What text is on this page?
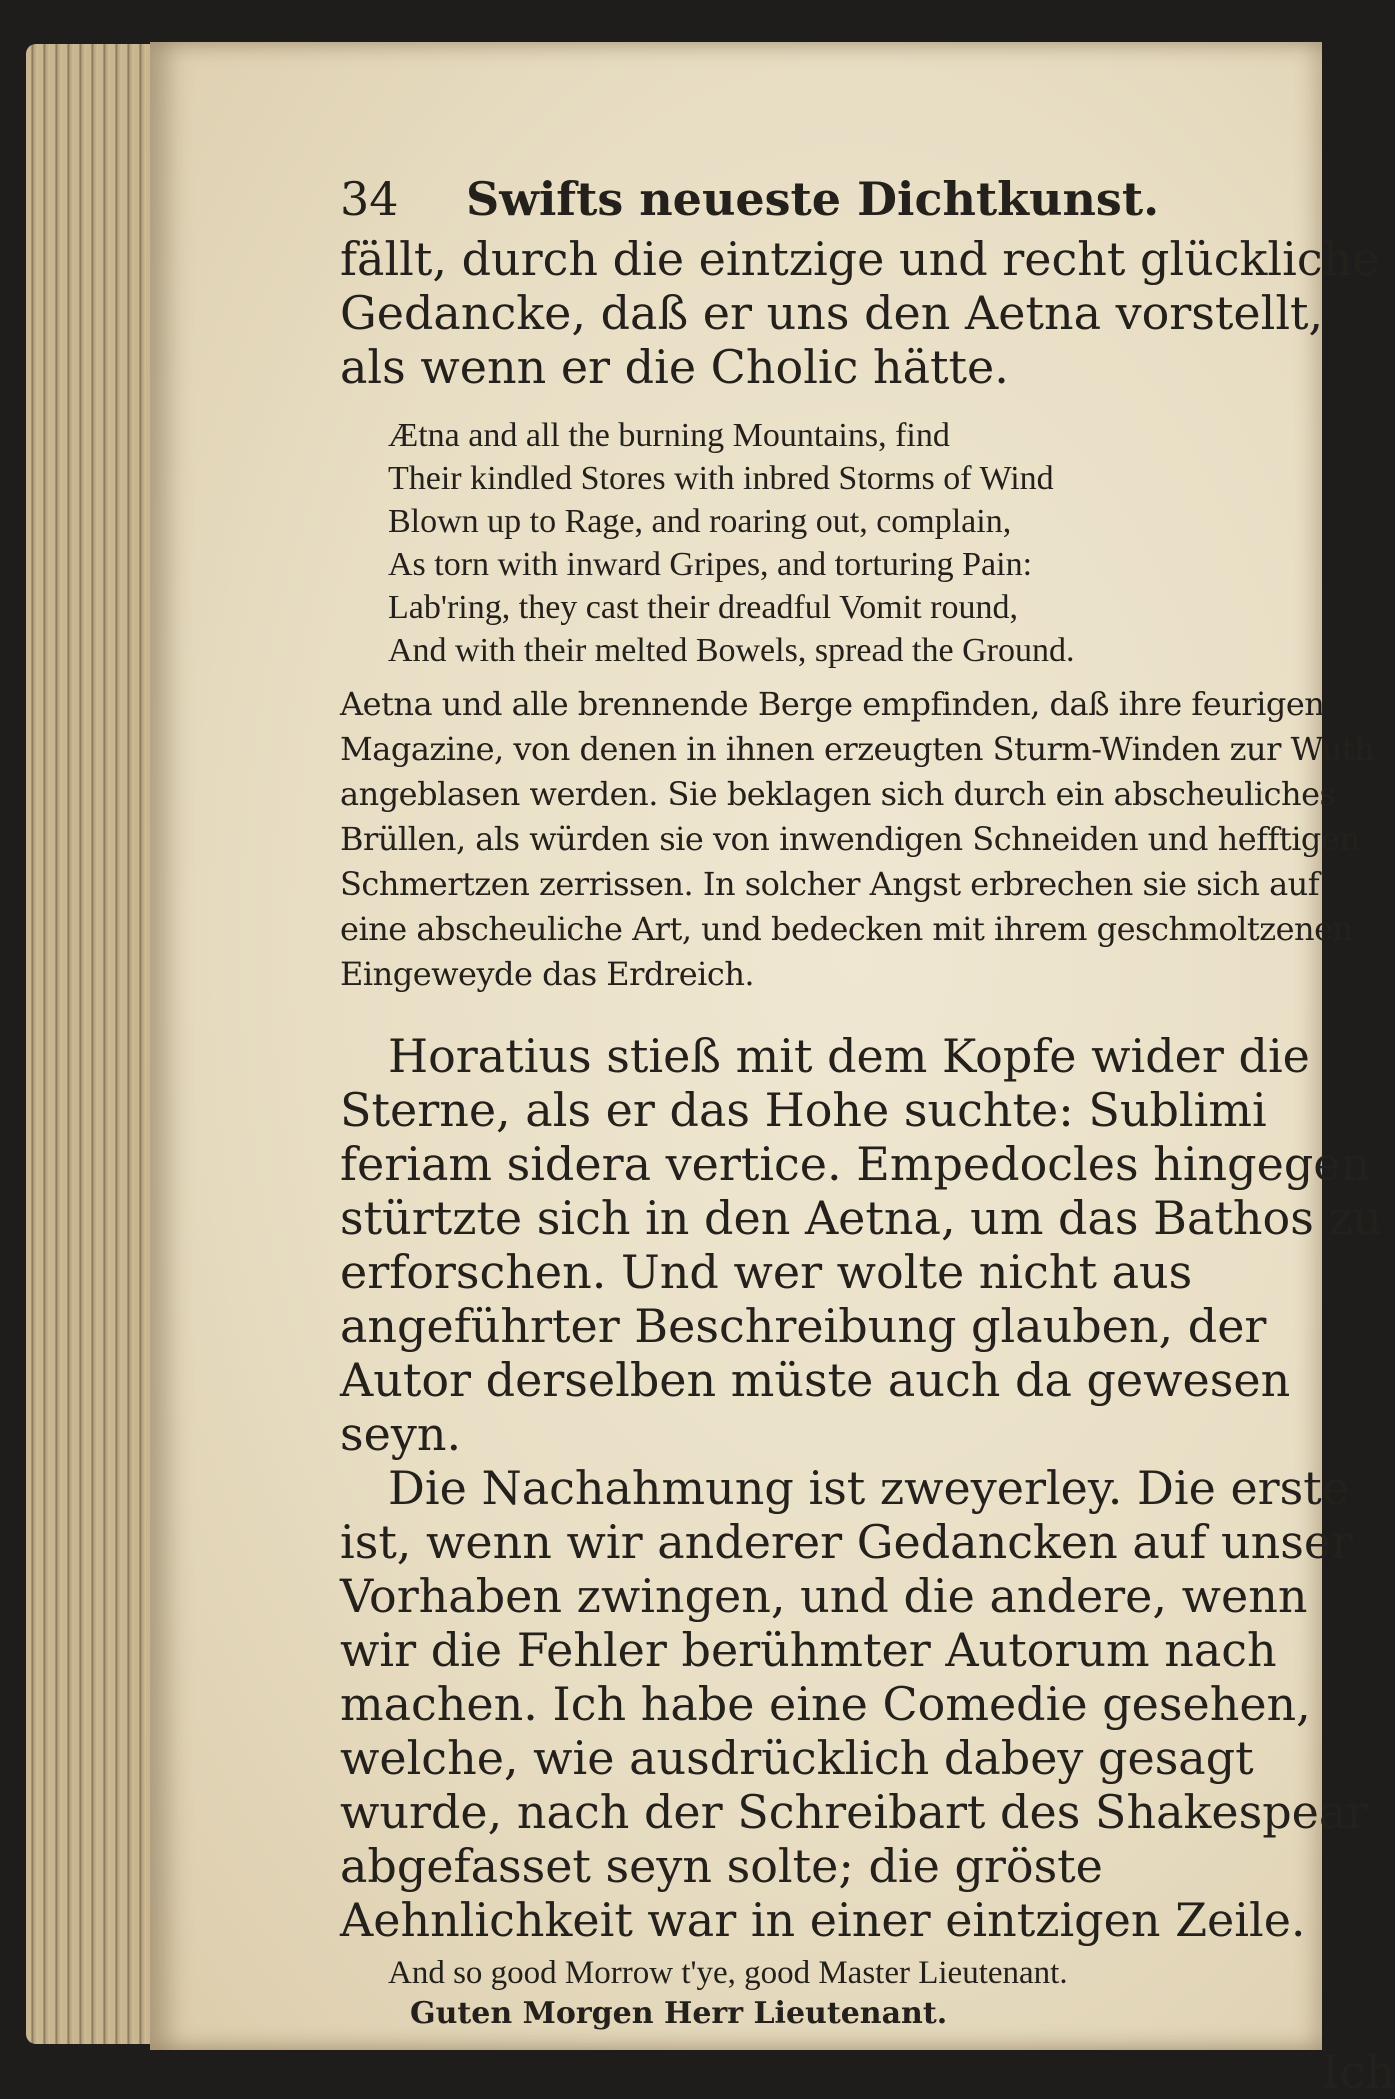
34	Swifts neueste Dichtkunst.

fällt, durch die eintzige und recht glückliche Gedancke, daß er uns den Aetna vorstellt, als wenn er die Cholic hätte.

Ætna and all the burning Mountains, find
Their kindled Stores with inbred Storms of Wind
Blown up to Rage, and roaring out, complain,
As torn with inward Gripes, and torturing Pain:
Lab'ring, they cast their dreadful Vomit round,
And with their melted Bowels, spread the Ground.

Aetna und alle brennende Berge empfinden, daß ihre feurigen Magazine, von denen in ihnen erzeugten Sturm-Winden zur Wuth angeblasen werden. Sie beklagen sich durch ein abscheuliches Brüllen, als würden sie von inwendigen Schneiden und hefftigen Schmertzen zerrissen. In solcher Angst erbrechen sie sich auf eine abscheuliche Art, und bedecken mit ihrem geschmoltzenen Eingeweyde das Erdreich.

Horatius stieß mit dem Kopfe wider die Sterne, als er das Hohe suchte: Sublimi feriam sidera vertice. Empedocles hingegen stürtzte sich in den Aetna, um das Bathos zu erforschen. Und wer wolte nicht aus angeführter Beschreibung glauben, der Autor derselben müste auch da gewesen seyn.

Die Nachahmung ist zweyerley. Die erste ist, wenn wir anderer Gedancken auf unser Vorhaben zwingen, und die andere, wenn wir die Fehler berühmter Autorum nach machen. Ich habe eine Comedie gesehen, welche, wie ausdrücklich dabey gesagt wurde, nach der Schreibart des Shakespear abgefasset seyn solte; die gröste Aehnlichkeit war in einer eintzigen Zeile.

And so good Morrow t'ye, good Master Lieutenant.
Guten Morgen Herr Lieutenant.
Ich
